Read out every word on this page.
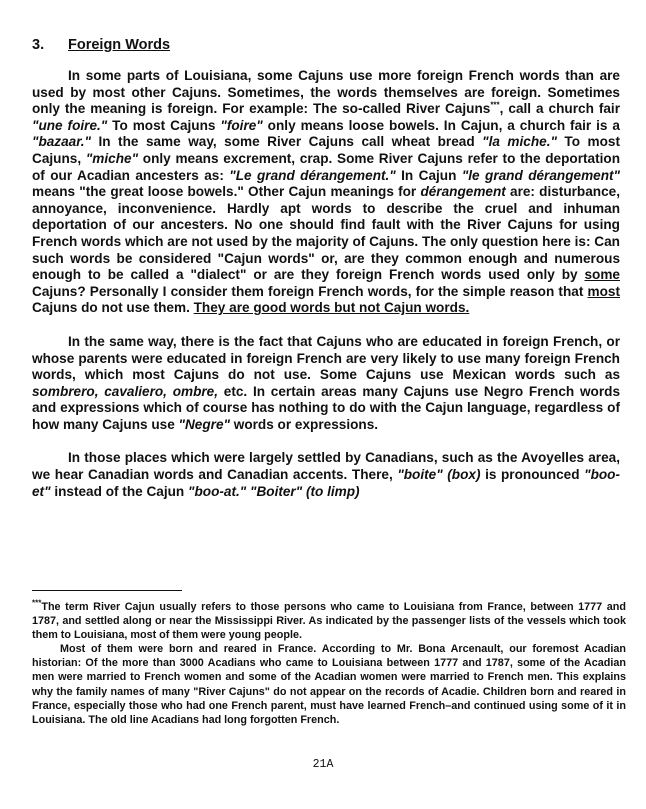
3. Foreign Words

In some parts of Louisiana, some Cajuns use more foreign French words than are used by most other Cajuns. Sometimes, the words themselves are foreign. Sometimes only the meaning is foreign. For example: The so-called River Cajuns***, call a church fair "une foire." To most Cajuns "foire" only means loose bowels. In Cajun, a church fair is a "bazaar." In the same way, some River Cajuns call wheat bread "la miche." To most Cajuns, "miche" only means excrement, crap. Some River Cajuns refer to the deportation of our Acadian ancesters as: "Le grand dérangement." In Cajun "le grand dérangement" means "the great loose bowels." Other Cajun meanings for dérangement are: disturbance, annoyance, inconvenience. Hardly apt words to describe the cruel and inhuman deportation of our ancesters. No one should find fault with the River Cajuns for using French words which are not used by the majority of Cajuns. The only question here is: Can such words be considered "Cajun words" or, are they common enough and numerous enough to be called a "dialect" or are they foreign French words used only by some Cajuns? Personally I consider them foreign French words, for the simple reason that most Cajuns do not use them. They are good words but not Cajun words.

In the same way, there is the fact that Cajuns who are educated in foreign French, or whose parents were educated in foreign French are very likely to use many foreign French words, which most Cajuns do not use. Some Cajuns use Mexican words such as sombrero, cavaliero, ombre, etc. In certain areas many Cajuns use Negro French words and expressions which of course has nothing to do with the Cajun language, regardless of how many Cajuns use "Negre" words or expressions.

In those places which were largely settled by Canadians, such as the Avoyelles area, we hear Canadian words and Canadian accents. There, "boite" (box) is pronounced "boo-et" instead of the Cajun "boo-at." "Boiter" (to limp)

***The term River Cajun usually refers to those persons who came to Louisiana from France, between 1777 and 1787, and settled along or near the Mississippi River. As indicated by the passenger lists of the vessels which took them to Louisiana, most of them were young people.

Most of them were born and reared in France. According to Mr. Bona Arcenault, our foremost Acadian historian: Of the more than 3000 Acadians who came to Louisiana between 1777 and 1787, some of the Acadian men were married to French women and some of the Acadian women were married to French men. This explains why the family names of many "River Cajuns" do not appear on the records of Acadie. Children born and reared in France, especially those who had one French parent, must have learned French–and continued using some of it in Louisiana. The old line Acadians had long forgotten French.

21A
